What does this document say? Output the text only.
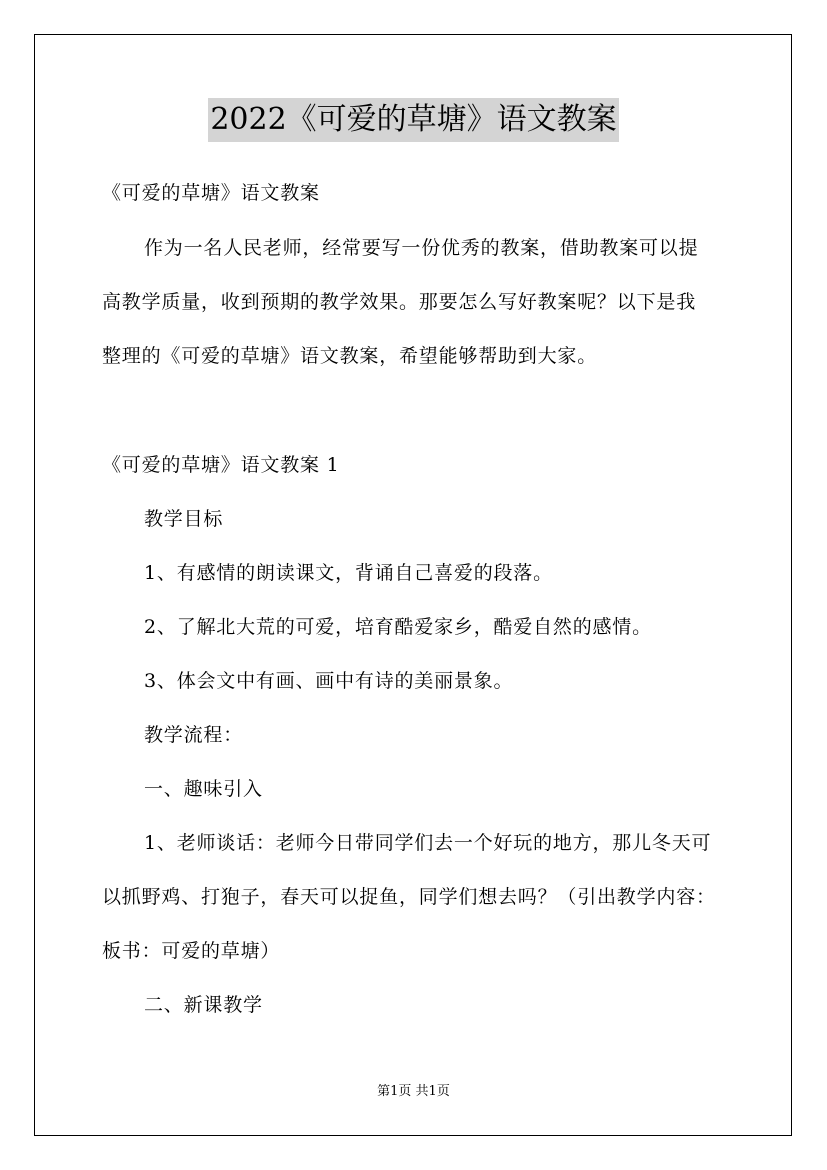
2022《可爱的草塘》语文教案
《可爱的草塘》语文教案
作为一名人民老师，经常要写一份优秀的教案，借助教案可以提
高教学质量，收到预期的教学效果。那要怎么写好教案呢？以下是我
整理的《可爱的草塘》语文教案，希望能够帮助到大家。
《可爱的草塘》语文教案 1
教学目标
1、有感情的朗读课文，背诵自己喜爱的段落。
2、了解北大荒的可爱，培育酷爱家乡，酷爱自然的感情。
3、体会文中有画、画中有诗的美丽景象。
教学流程：
一、趣味引入
1、老师谈话：老师今日带同学们去一个好玩的地方，那儿冬天可
以抓野鸡、打狍子，春天可以捉鱼，同学们想去吗？（引出教学内容：
板书：可爱的草塘）
二、新课教学
第1页 共1页
